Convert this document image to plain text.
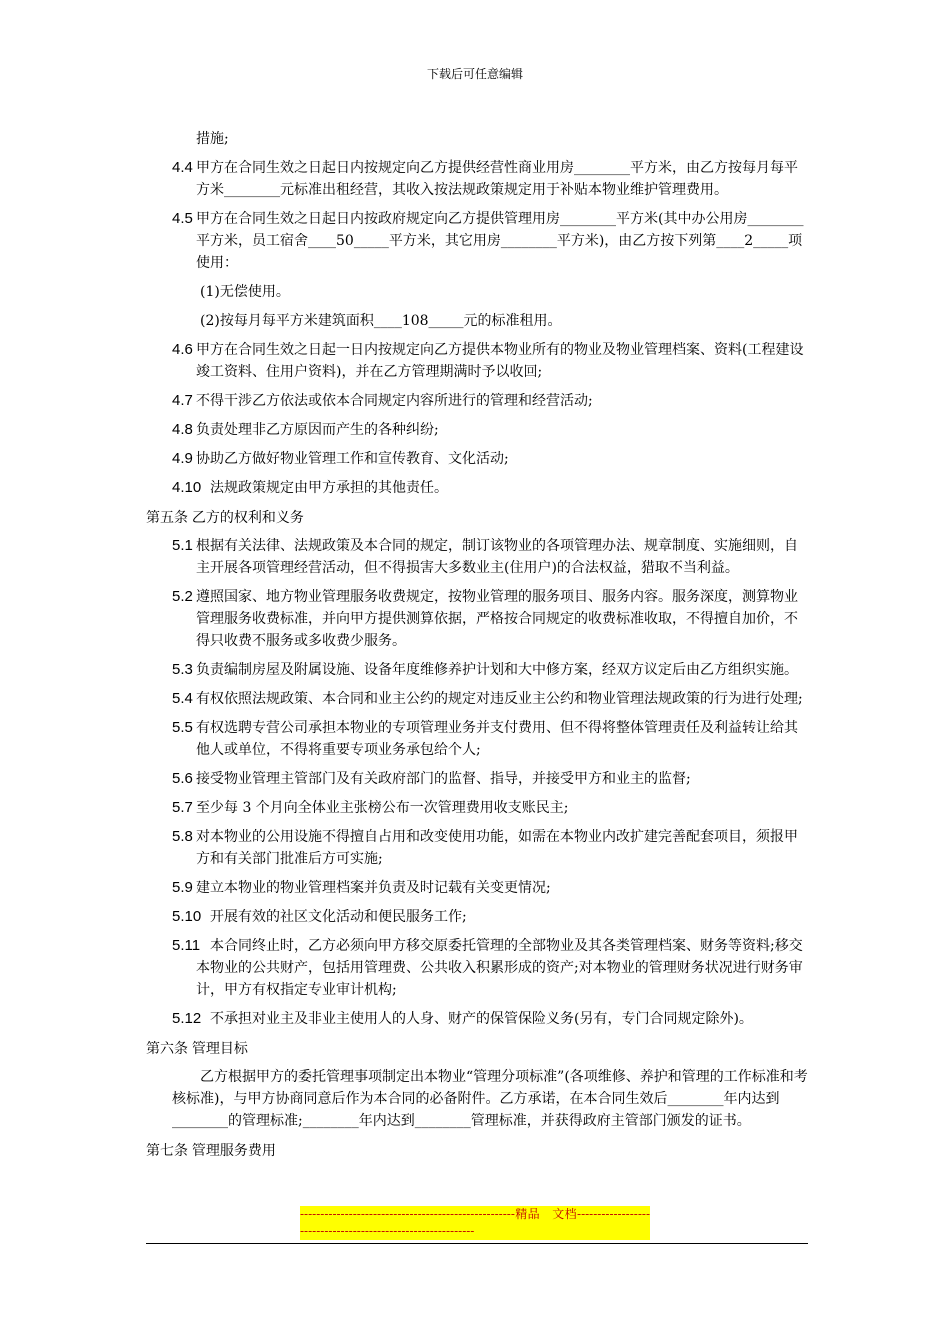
下载后可任意编辑
措施;
4.4 甲方在合同生效之日起日内按规定向乙方提供经营性商业用房________平方米，由乙方按每月每平方米________元标准出租经营，其收入按法规政策规定用于补贴本物业维护管理费用。
4.5 甲方在合同生效之日起日内按政府规定向乙方提供管理用房________平方米(其中办公用房________平方米，员工宿舍____50_____平方米，其它用房________平方米)，由乙方按下列第____2_____项使用：
(1)无偿使用。
(2)按每月每平方米建筑面积____108_____元的标准租用。
4.6 甲方在合同生效之日起一日内按规定向乙方提供本物业所有的物业及物业管理档案、资料(工程建设竣工资料、住用户资料)，并在乙方管理期满时予以收回;
4.7 不得干涉乙方依法或依本合同规定内容所进行的管理和经营活动;
4.8 负责处理非乙方原因而产生的各种纠纷;
4.9 协助乙方做好物业管理工作和宣传教育、文化活动;
4.10 法规政策规定由甲方承担的其他责任。
第五条 乙方的权利和义务
5.1 根据有关法律、法规政策及本合同的规定，制订该物业的各项管理办法、规章制度、实施细则，自主开展各项管理经营活动，但不得损害大多数业主(住用户)的合法权益，猎取不当利益。
5.2 遵照国家、地方物业管理服务收费规定，按物业管理的服务项目、服务内容。服务深度，测算物业管理服务收费标准，并向甲方提供测算依据，严格按合同规定的收费标准收取，不得擅自加价，不得只收费不服务或多收费少服务。
5.3 负责编制房屋及附属设施、设备年度维修养护计划和大中修方案，经双方议定后由乙方组织实施。
5.4 有权依照法规政策、本合同和业主公约的规定对违反业主公约和物业管理法规政策的行为进行处理;
5.5 有权选聘专营公司承担本物业的专项管理业务并支付费用、但不得将整体管理责任及利益转让给其他人或单位，不得将重要专项业务承包给个人;
5.6 接受物业管理主管部门及有关政府部门的监督、指导，并接受甲方和业主的监督;
5.7 至少每 3 个月向全体业主张榜公布一次管理费用收支账民主;
5.8 对本物业的公用设施不得擅自占用和改变使用功能，如需在本物业内改扩建完善配套项目，须报甲方和有关部门批准后方可实施;
5.9 建立本物业的物业管理档案并负责及时记载有关变更情况;
5.10 开展有效的社区文化活动和便民服务工作;
5.11 本合同终止时，乙方必须向甲方移交原委托管理的全部物业及其各类管理档案、财务等资料;移交本物业的公共财产，包括用管理费、公共收入积累形成的资产;对本物业的管理财务状况进行财务审计，甲方有权指定专业审计机构;
5.12 不承担对业主及非业主使用人的人身、财产的保管保险义务(另有，专门合同规定除外)。
第六条 管理目标
乙方根据甲方的委托管理事项制定出本物业“管理分项标准”(各项维修、养护和管理的工作标准和考核标准)，与甲方协商同意后作为本合同的必备附件。乙方承诺，在本合同生效后________年内达到________的管理标准;________年内达到________管理标准，并获得政府主管部门颁发的证书。
第七条 管理服务费用
-----------------------------------------------------精品　文档-------------------------------------------------------------
